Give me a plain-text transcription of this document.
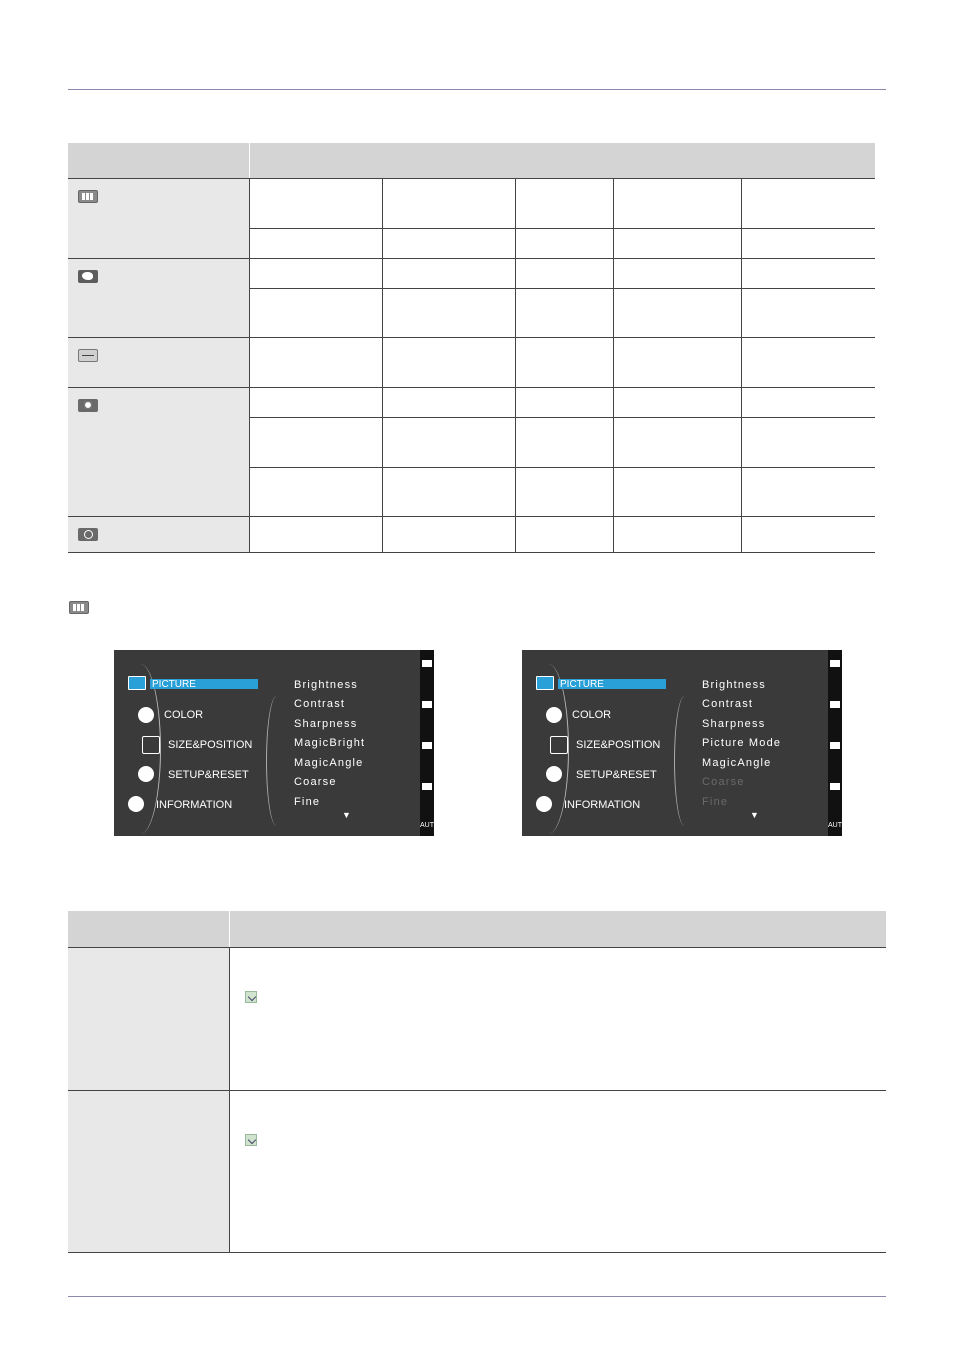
PICTURE
COLOR
SIZE&POSITION
SETUP&RESET
INFORMATION
Brightness
Contrast
Sharpness
MagicBright
MagicAngle
Coarse
Fine
▼
AUTO
PICTURE
COLOR
SIZE&POSITION
SETUP&RESET
INFORMATION
Brightness
Contrast
Sharpness
Picture Mode
MagicAngle
Coarse
Fine
▼
AUTO
